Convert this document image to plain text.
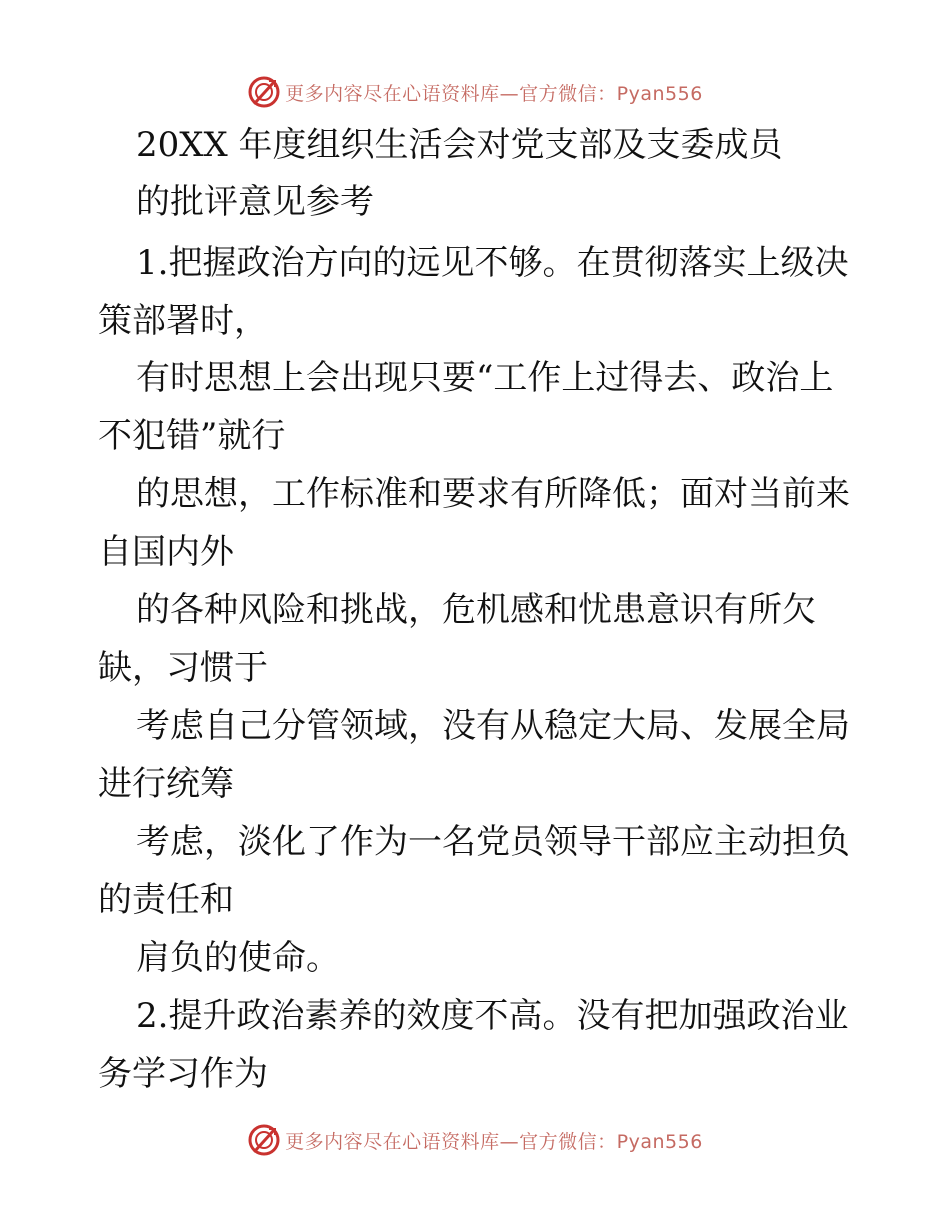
更多内容尽在心语资料库—官方微信：Pyan556
20XX 年度组织生活会对党支部及支委成员
的批评意见参考
1.把握政治方向的远见不够。在贯彻落实上级决
策部署时，
有时思想上会出现只要“工作上过得去、政治上
不犯错”就行
的思想，工作标准和要求有所降低；面对当前来
自国内外
的各种风险和挑战，危机感和忧患意识有所欠
缺，习惯于
考虑自己分管领域，没有从稳定大局、发展全局
进行统筹
考虑，淡化了作为一名党员领导干部应主动担负
的责任和
肩负的使命。
2.提升政治素养的效度不高。没有把加强政治业
务学习作为
更多内容尽在心语资料库—官方微信：Pyan556
